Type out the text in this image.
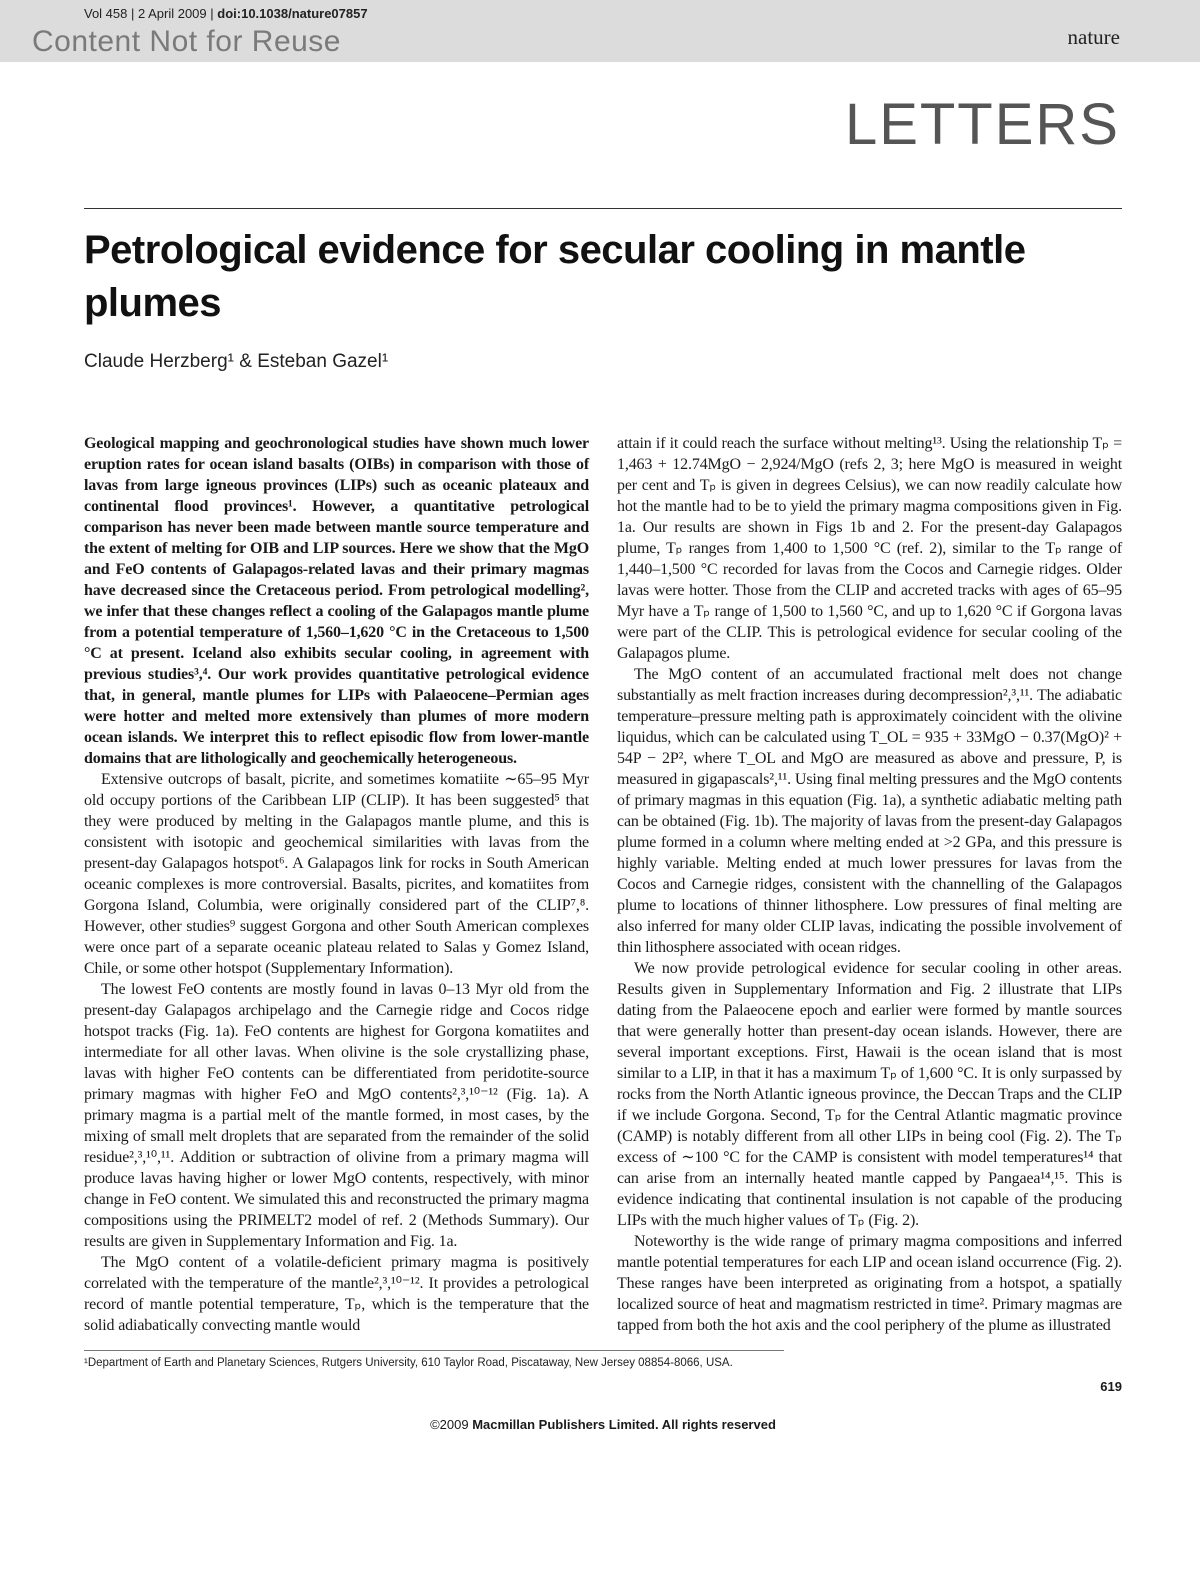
Vol 458 | 2 April 2009 | doi:10.1038/nature07857
Content Not for Reuse	nature
LETTERS
Petrological evidence for secular cooling in mantle plumes
Claude Herzberg¹ & Esteban Gazel¹

Geological mapping and geochronological studies have shown much lower eruption rates for ocean island basalts (OIBs) in comparison with those of lavas from large igneous provinces (LIPs) such as oceanic plateaux and continental flood provinces¹. However, a quantitative petrological comparison has never been made between mantle source temperature and the extent of melting for OIB and LIP sources. Here we show that the MgO and FeO contents of Galapagos-related lavas and their primary magmas have decreased since the Cretaceous period. From petrological modelling², we infer that these changes reflect a cooling of the Galapagos mantle plume from a potential temperature of 1,560–1,620 °C in the Cretaceous to 1,500 °C at present. Iceland also exhibits secular cooling, in agreement with previous studies³,⁴. Our work provides quantitative petrological evidence that, in general, mantle plumes for LIPs with Palaeocene–Permian ages were hotter and melted more extensively than plumes of more modern ocean islands. We interpret this to reflect episodic flow from lower-mantle domains that are lithologically and geochemically heterogeneous.

Extensive outcrops of basalt, picrite, and sometimes komatiite ∼65–95 Myr old occupy portions of the Caribbean LIP (CLIP). It has been suggested⁵ that they were produced by melting in the Galapagos mantle plume, and this is consistent with isotopic and geochemical similarities with lavas from the present-day Galapagos hotspot⁶. A Galapagos link for rocks in South American oceanic complexes is more controversial. Basalts, picrites, and komatiites from Gorgona Island, Columbia, were originally considered part of the CLIP⁷,⁸. However, other studies⁹ suggest Gorgona and other South American complexes were once part of a separate oceanic plateau related to Salas y Gomez Island, Chile, or some other hotspot (Supplementary Information).

The lowest FeO contents are mostly found in lavas 0–13 Myr old from the present-day Galapagos archipelago and the Carnegie ridge and Cocos ridge hotspot tracks (Fig. 1a). FeO contents are highest for Gorgona komatiites and intermediate for all other lavas. When olivine is the sole crystallizing phase, lavas with higher FeO contents can be differentiated from peridotite-source primary magmas with higher FeO and MgO contents²,³,¹⁰⁻¹² (Fig. 1a). A primary magma is a partial melt of the mantle formed, in most cases, by the mixing of small melt droplets that are separated from the remainder of the solid residue²,³,¹⁰,¹¹. Addition or subtraction of olivine from a primary magma will produce lavas having higher or lower MgO contents, respectively, with minor change in FeO content. We simulated this and reconstructed the primary magma compositions using the PRIMELT2 model of ref. 2 (Methods Summary). Our results are given in Supplementary Information and Fig. 1a.

The MgO content of a volatile-deficient primary magma is positively correlated with the temperature of the mantle²,³,¹⁰⁻¹². It provides a petrological record of mantle potential temperature, Tₚ, which is the temperature that the solid adiabatically convecting mantle would

attain if it could reach the surface without melting¹³. Using the relationship Tₚ = 1,463 + 12.74MgO − 2,924/MgO (refs 2, 3; here MgO is measured in weight per cent and Tₚ is given in degrees Celsius), we can now readily calculate how hot the mantle had to be to yield the primary magma compositions given in Fig. 1a. Our results are shown in Figs 1b and 2. For the present-day Galapagos plume, Tₚ ranges from 1,400 to 1,500 °C (ref. 2), similar to the Tₚ range of 1,440–1,500 °C recorded for lavas from the Cocos and Carnegie ridges. Older lavas were hotter. Those from the CLIP and accreted tracks with ages of 65–95 Myr have a Tₚ range of 1,500 to 1,560 °C, and up to 1,620 °C if Gorgona lavas were part of the CLIP. This is petrological evidence for secular cooling of the Galapagos plume.

The MgO content of an accumulated fractional melt does not change substantially as melt fraction increases during decompression²,³,¹¹. The adiabatic temperature–pressure melting path is approximately coincident with the olivine liquidus, which can be calculated using T_OL = 935 + 33MgO − 0.37(MgO)² + 54P − 2P², where T_OL and MgO are measured as above and pressure, P, is measured in gigapascals²,¹¹. Using final melting pressures and the MgO contents of primary magmas in this equation (Fig. 1a), a synthetic adiabatic melting path can be obtained (Fig. 1b). The majority of lavas from the present-day Galapagos plume formed in a column where melting ended at >2 GPa, and this pressure is highly variable. Melting ended at much lower pressures for lavas from the Cocos and Carnegie ridges, consistent with the channelling of the Galapagos plume to locations of thinner lithosphere. Low pressures of final melting are also inferred for many older CLIP lavas, indicating the possible involvement of thin lithosphere associated with ocean ridges.

We now provide petrological evidence for secular cooling in other areas. Results given in Supplementary Information and Fig. 2 illustrate that LIPs dating from the Palaeocene epoch and earlier were formed by mantle sources that were generally hotter than present-day ocean islands. However, there are several important exceptions. First, Hawaii is the ocean island that is most similar to a LIP, in that it has a maximum Tₚ of 1,600 °C. It is only surpassed by rocks from the North Atlantic igneous province, the Deccan Traps and the CLIP if we include Gorgona. Second, Tₚ for the Central Atlantic magmatic province (CAMP) is notably different from all other LIPs in being cool (Fig. 2). The Tₚ excess of ∼100 °C for the CAMP is consistent with model temperatures¹⁴ that can arise from an internally heated mantle capped by Pangaea¹⁴,¹⁵. This is evidence indicating that continental insulation is not capable of the producing LIPs with the much higher values of Tₚ (Fig. 2).

Noteworthy is the wide range of primary magma compositions and inferred mantle potential temperatures for each LIP and ocean island occurrence (Fig. 2). These ranges have been interpreted as originating from a hotspot, a spatially localized source of heat and magmatism restricted in time². Primary magmas are tapped from both the hot axis and the cool periphery of the plume as illustrated

¹Department of Earth and Planetary Sciences, Rutgers University, 610 Taylor Road, Piscataway, New Jersey 08854-8066, USA.
619
©2009 Macmillan Publishers Limited. All rights reserved
